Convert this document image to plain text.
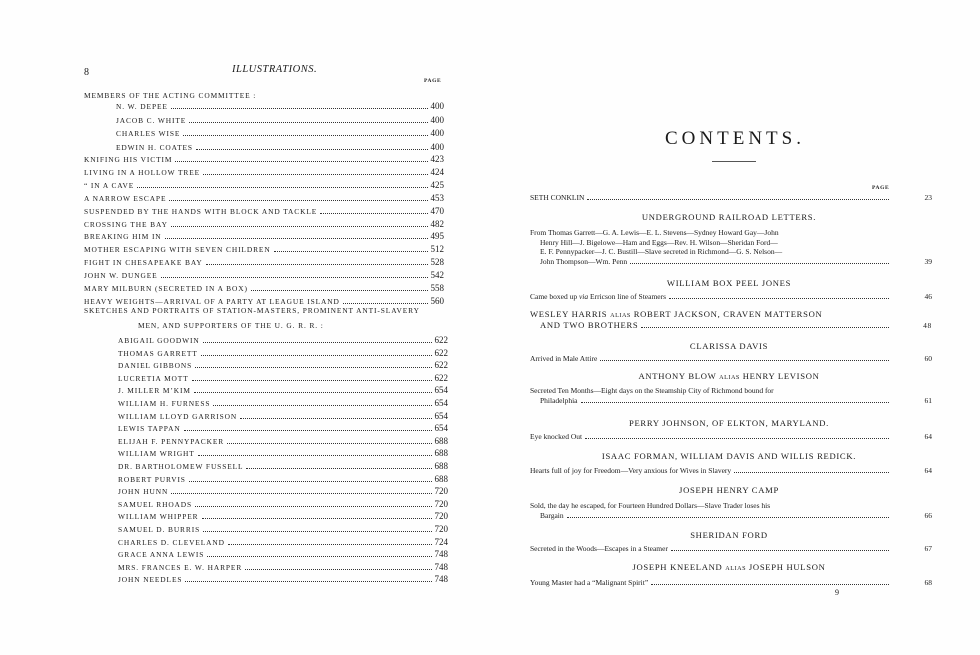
8	ILLUSTRATIONS.
PAGE
MEMBERS OF THE ACTING COMMITTEE :
N. W. DEPEE	400
JACOB C. WHITE	400
CHARLES WISE	400
EDWIN H. COATES	400
KNIFING HIS VICTIM	423
LIVING IN A HOLLOW TREE	424
“ IN A CAVE	425
A NARROW ESCAPE	453
SUSPENDED BY THE HANDS WITH BLOCK AND TACKLE	470
CROSSING THE BAY	482
BREAKING HIM IN	495
MOTHER ESCAPING WITH SEVEN CHILDREN	512
FIGHT IN CHESAPEAKE BAY	528
JOHN W. DUNGEE	542
MARY MILBURN (SECRETED IN A BOX)	558
HEAVY WEIGHTS—ARRIVAL OF A PARTY AT LEAGUE ISLAND	560
SKETCHES AND PORTRAITS OF STATION-MASTERS, PROMINENT ANTI-SLAVERY
MEN, AND SUPPORTERS OF THE U. G. R. R. :
ABIGAIL GOODWIN	622
THOMAS GARRETT	622
DANIEL GIBBONS	622
LUCRETIA MOTT	622
J. MILLER M’KIM	654
WILLIAM H. FURNESS	654
WILLIAM LLOYD GARRISON	654
LEWIS TAPPAN	654
ELIJAH F. PENNYPACKER	688
WILLIAM WRIGHT	688
DR. BARTHOLOMEW FUSSELL	688
ROBERT PURVIS	688
JOHN HUNN	720
SAMUEL RHOADS	720
WILLIAM WHIPPER	720
SAMUEL D. BURRIS	720
CHARLES D. CLEVELAND	724
GRACE ANNA LEWIS	748
MRS. FRANCES E. W. HARPER	748
JOHN NEEDLES	748
CONTENTS.
PAGE
SETH CONKLIN	23
UNDERGROUND RAILROAD LETTERS.
From Thomas Garrett—G. A. Lewis—E. L. Stevens—Sydney Howard Gay—John
Henry Hill—J. Bigelowe—Ham and Eggs—Rev. H. Wilson—Sheridan Ford—
E. F. Pennypacker—J. C. Bustill—Slave secreted in Richmond—G. S. Nelson—
John Thompson—Wm. Penn	39
WILLIAM BOX PEEL JONES
Came boxed up via Erricson line of Steamers	46
WESLEY HARRIS ALIAS ROBERT JACKSON, CRAVEN MATTERSON
AND TWO BROTHERS	48
CLARISSA DAVIS
Arrived in Male Attire	60
ANTHONY BLOW ALIAS HENRY LEVISON
Secreted Ten Months—Eight days on the Steamship City of Richmond bound for
Philadelphia	61
PERRY JOHNSON, OF ELKTON, MARYLAND.
Eye knocked Out	64
ISAAC FORMAN, WILLIAM DAVIS AND WILLIS REDICK.
Hearts full of joy for Freedom—Very anxious for Wives in Slavery	64
JOSEPH HENRY CAMP
Sold, the day he escaped, for Fourteen Hundred Dollars—Slave Trader loses his
Bargain	66
SHERIDAN FORD
Secreted in the Woods—Escapes in a Steamer	67
JOSEPH KNEELAND ALIAS JOSEPH HULSON
Young Master had a “Malignant Spirit”	68
9
